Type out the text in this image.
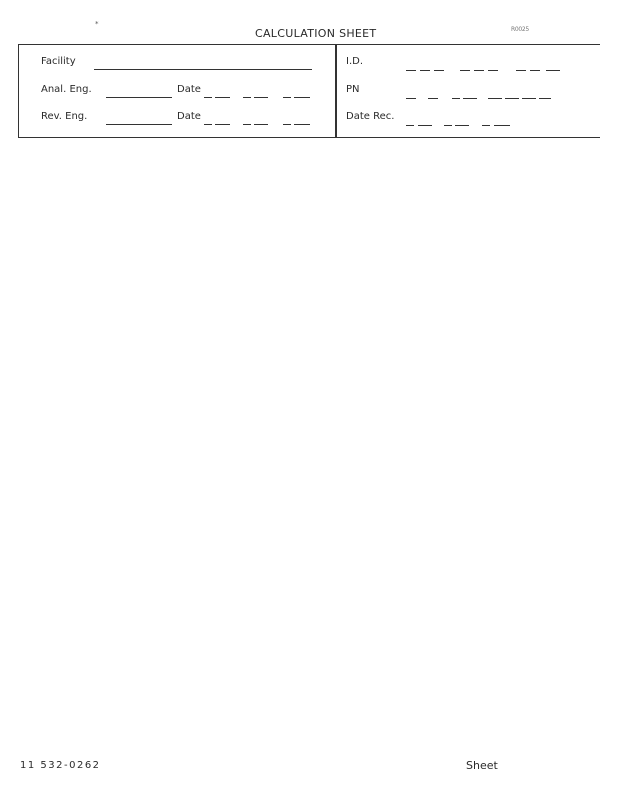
*
CALCULATION SHEET	R0025
Facility
Anal. Eng.	Date
Rev. Eng.	Date
I.D.
PN
Date Rec.
11 532-0262	Sheet
